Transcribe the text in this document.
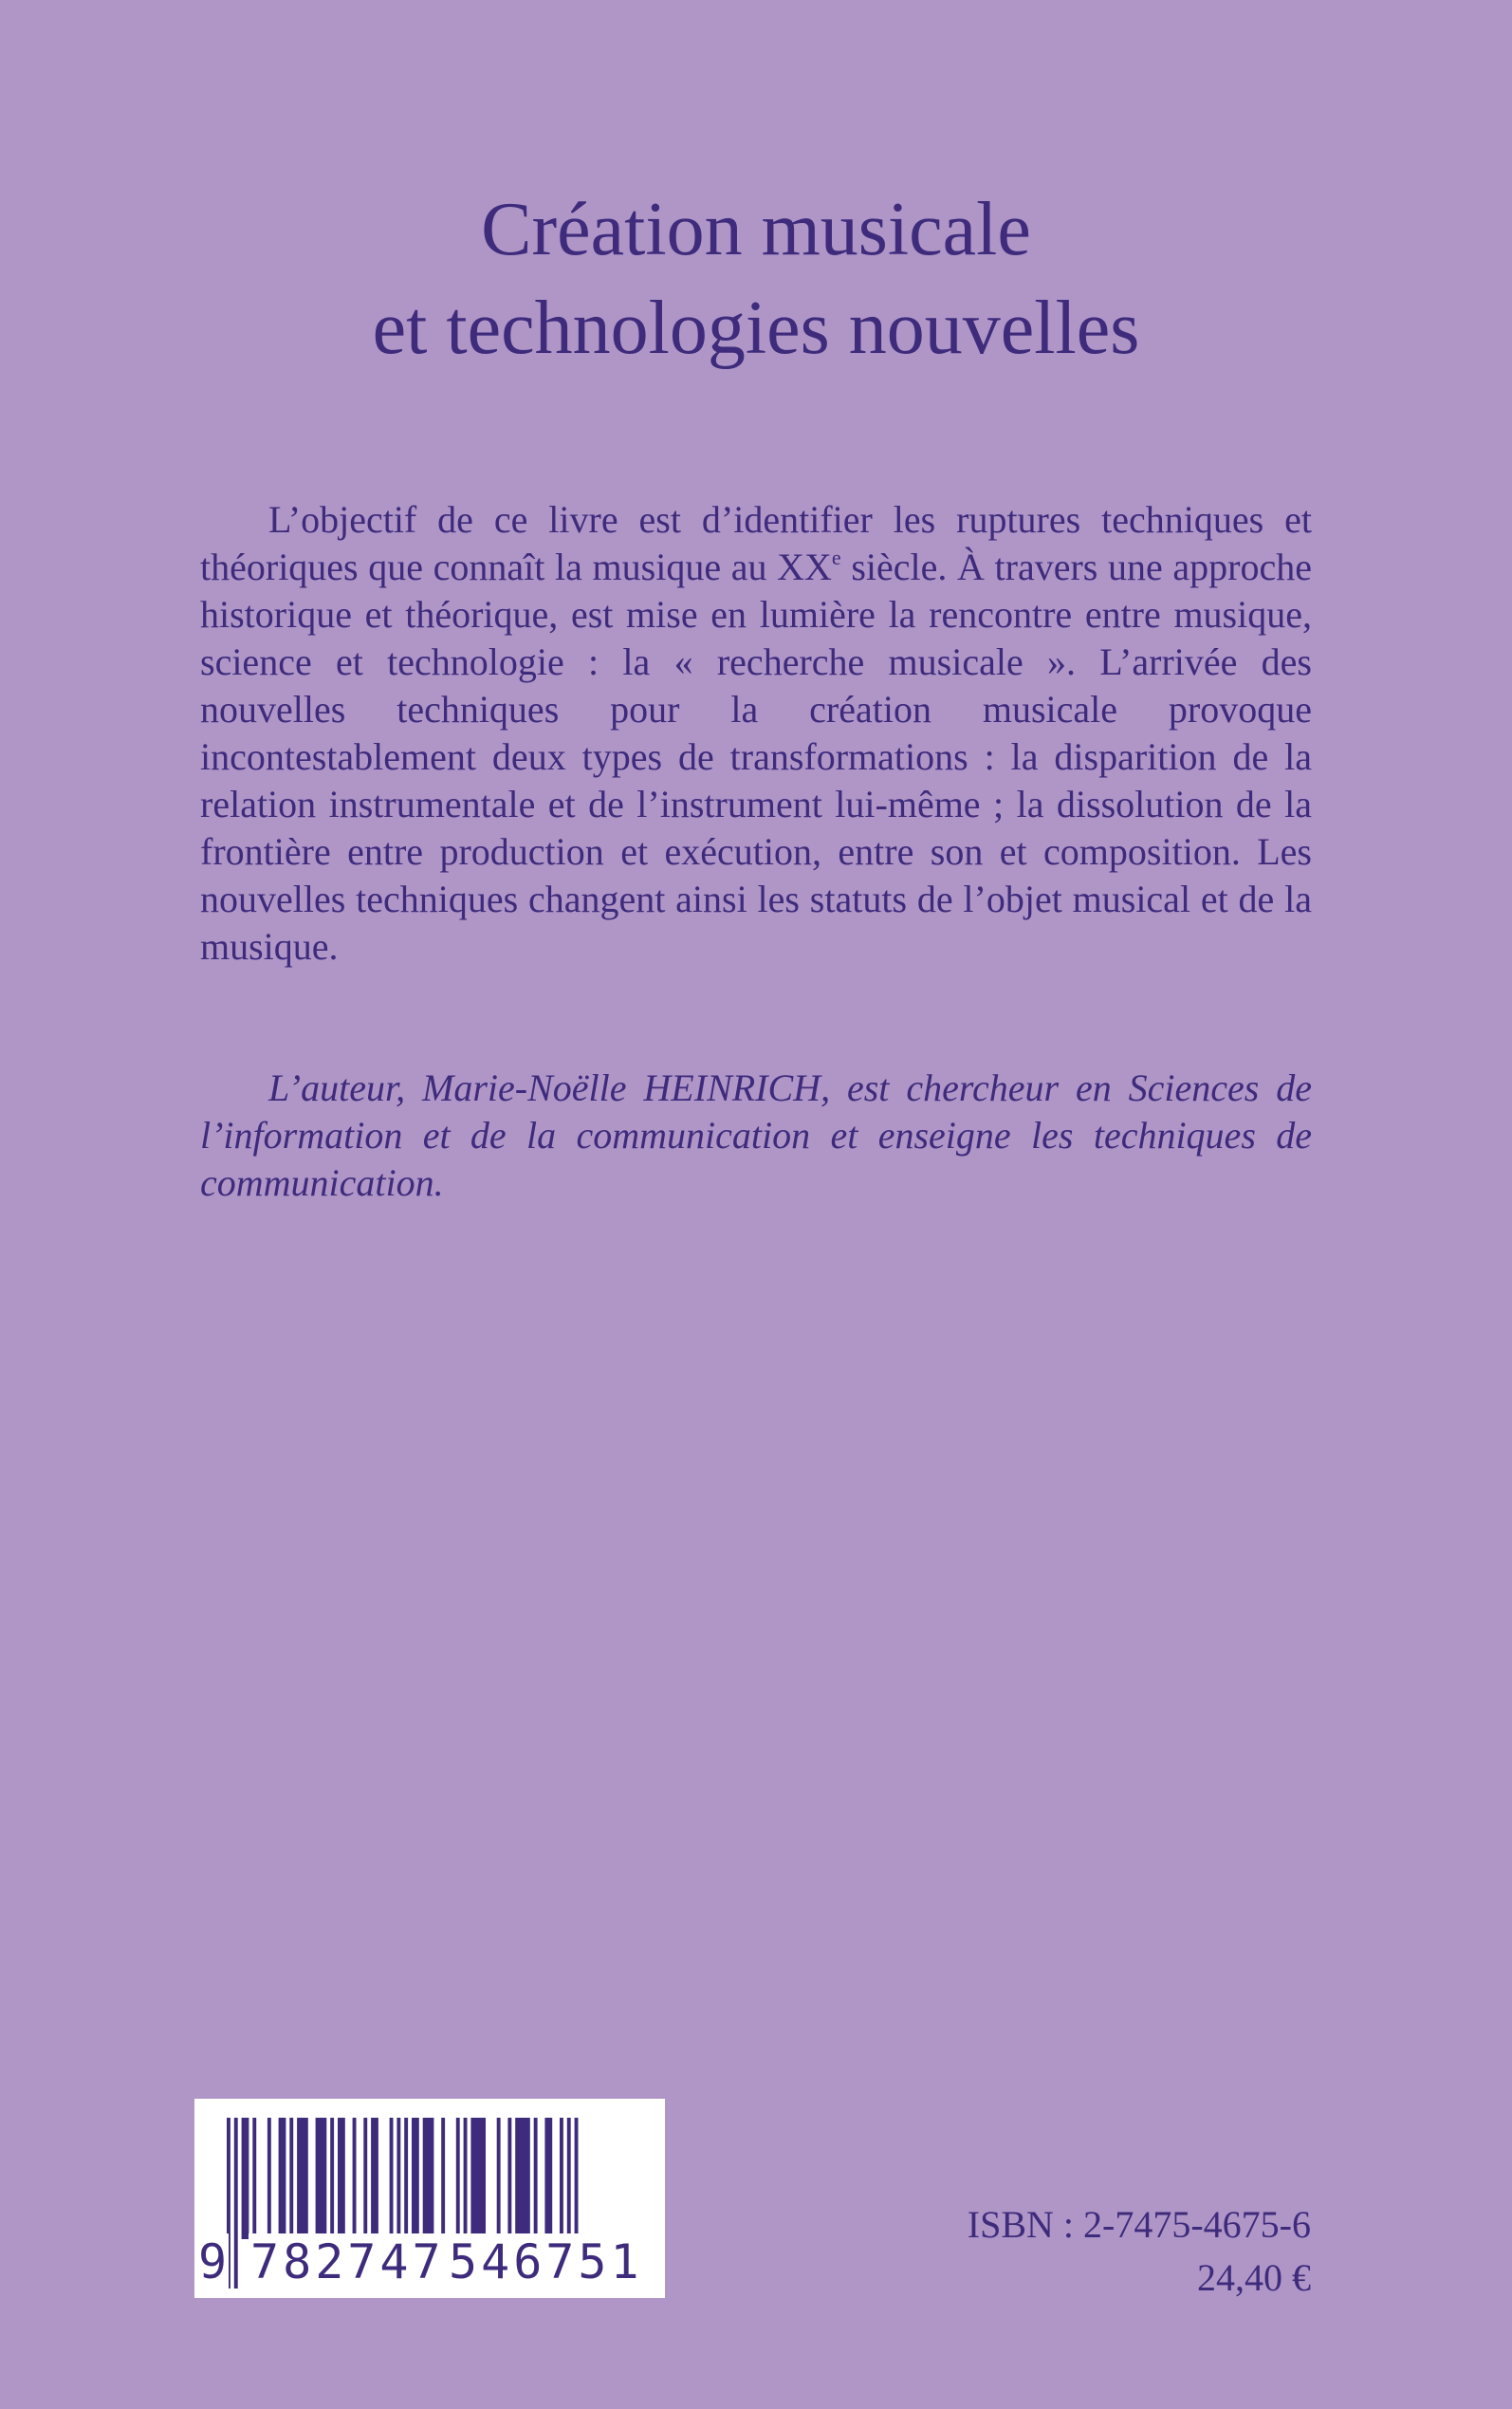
Création musicale
et technologies nouvelles

L’objectif de ce livre est d’identifier les ruptures techniques et théoriques que connaît la musique au XXe siècle. À travers une approche historique et théorique, est mise en lumière la rencontre entre musique, science et technologie : la « recherche musicale ». L’arrivée des nouvelles techniques pour la création musicale provoque incontestablement deux types de transformations : la disparition de la relation instrumentale et de l’instrument lui-même ; la dissolution de la frontière entre production et exécution, entre son et composition. Les nouvelles techniques changent ainsi les statuts de l’objet musical et de la musique.

L’auteur, Marie-Noëlle HEINRICH, est chercheur en Sciences de l’information et de la communication et enseigne les techniques de communication.

9 782747 546751
ISBN : 2-7475-4675-6
24,40 €
